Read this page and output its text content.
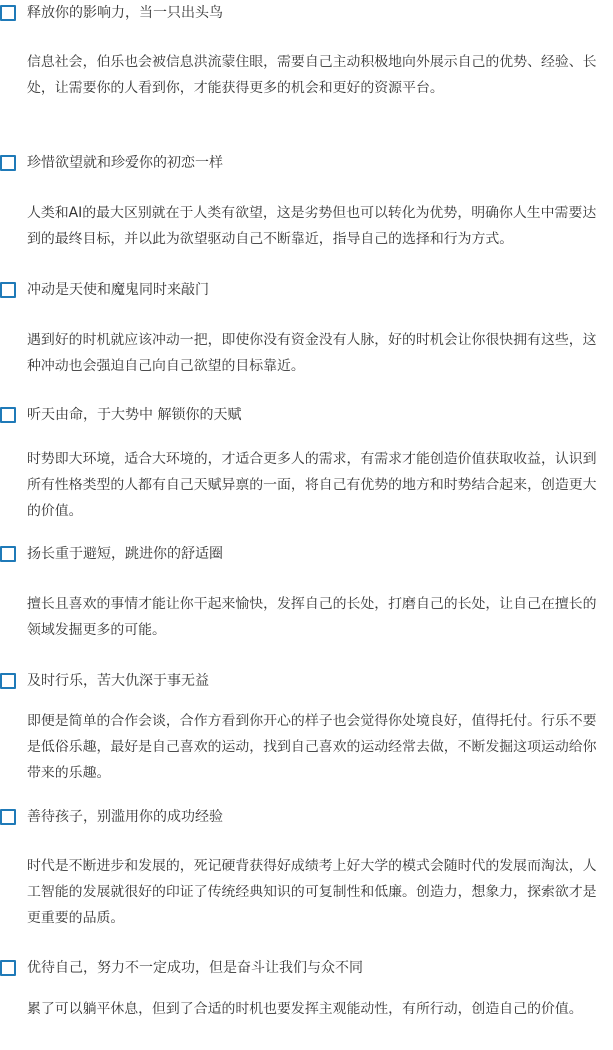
释放你的影响力，当一只出头鸟

信息社会，伯乐也会被信息洪流蒙住眼，需要自己主动积极地向外展示自己的优势、经验、长处，让需要你的人看到你，才能获得更多的机会和更好的资源平台。

珍惜欲望就和珍爱你的初恋一样

人类和AI的最大区别就在于人类有欲望，这是劣势但也可以转化为优势，明确你人生中需要达到的最终目标，并以此为欲望驱动自己不断靠近，指导自己的选择和行为方式。

冲动是天使和魔鬼同时来敲门

遇到好的时机就应该冲动一把，即使你没有资金没有人脉，好的时机会让你很快拥有这些，这种冲动也会强迫自己向自己欲望的目标靠近。

听天由命，于大势中 解锁你的天赋

时势即大环境，适合大环境的，才适合更多人的需求，有需求才能创造价值获取收益，认识到所有性格类型的人都有自己天赋异禀的一面，将自己有优势的地方和时势结合起来，创造更大的价值。

扬长重于避短，跳进你的舒适圈

擅长且喜欢的事情才能让你干起来愉快，发挥自己的长处，打磨自己的长处，让自己在擅长的领域发掘更多的可能。

及时行乐，苦大仇深于事无益

即便是简单的合作会谈，合作方看到你开心的样子也会觉得你处境良好，值得托付。行乐不要是低俗乐趣，最好是自己喜欢的运动，找到自己喜欢的运动经常去做，不断发掘这项运动给你带来的乐趣。

善待孩子，别滥用你的成功经验

时代是不断进步和发展的，死记硬背获得好成绩考上好大学的模式会随时代的发展而淘汰，人工智能的发展就很好的印证了传统经典知识的可复制性和低廉。创造力，想象力，探索欲才是更重要的品质。

优待自己，努力不一定成功，但是奋斗让我们与众不同

累了可以躺平休息，但到了合适的时机也要发挥主观能动性，有所行动，创造自己的价值。
